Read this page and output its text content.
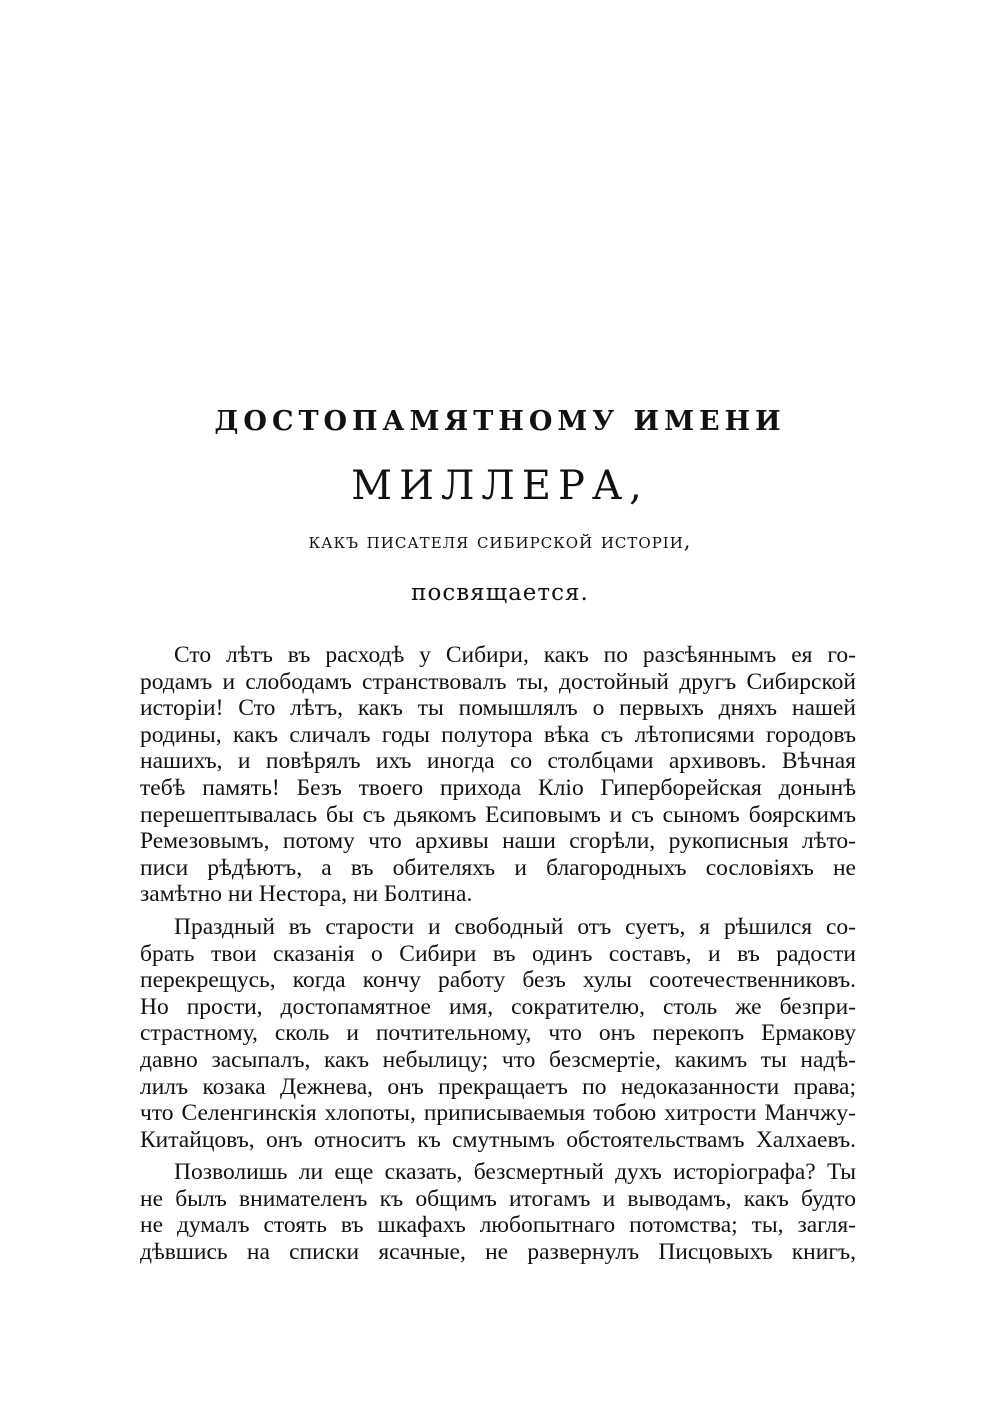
ДОСТОПАМЯТНОМУ ИМЕНИ

МИЛЛЕРА,

какъ писателя сибирской исторіи,

посвящается.

Сто лѣтъ въ расходѣ у Сибири, какъ по разсѣяннымъ ея го-
родамъ и слободамъ странствовалъ ты, достойный другъ Сибирской
исторіи! Сто лѣтъ, какъ ты помышлялъ о первыхъ дняхъ нашей
родины, какъ сличалъ годы полутора вѣка съ лѣтописями городовъ
нашихъ, и повѣрялъ ихъ иногда со столбцами архивовъ. Вѣчная
тебѣ память! Безъ твоего прихода Кліо Гиперборейская донынѣ
перешептывалась бы съ дьякомъ Есиповымъ и съ сыномъ боярскимъ
Ремезовымъ, потому что архивы наши сгорѣли, рукописныя лѣто-
писи рѣдѣютъ, а въ обителяхъ и благородныхъ сословіяхъ не
замѣтно ни Нестора, ни Болтина.
Праздный въ старости и свободный отъ суетъ, я рѣшился со-
брать твои сказанія о Сибири въ одинъ составъ, и въ радости
перекрещусь, когда кончу работу безъ хулы соотечественниковъ.
Но прости, достопамятное имя, сократителю, столь же безпри-
страстному, сколь и почтительному, что онъ перекопъ Ермакову
давно засыпалъ, какъ небылицу; что безсмертіе, какимъ ты надѣ-
лилъ козака Дежнева, онъ прекращаетъ по недоказанности права;
что Селенгинскія хлопоты, приписываемыя тобою хитрости Манчжу-
Китайцовъ, онъ относитъ къ смутнымъ обстоятельствамъ Халхаевъ.
Позволишь ли еще сказать, безсмертный духъ исторіографа? Ты
не былъ внимателенъ къ общимъ итогамъ и выводамъ, какъ будто
не думалъ стоять въ шкафахъ любопытнаго потомства; ты, загля-
дѣвшись на списки ясачные, не развернулъ Писцовыхъ книгъ,
